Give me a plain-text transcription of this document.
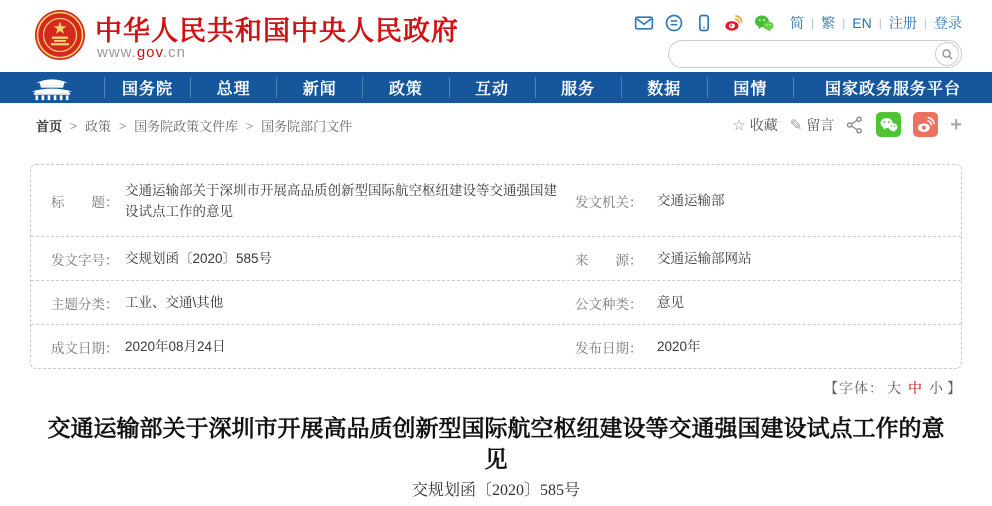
中华人民共和国中央人民政府
www.gov.cn
简 | 繁 | EN | 注册 | 登录
国务院	总理	新闻	政策	互动	服务	数据	国情	国家政务服务平台
首页 > 政策 > 国务院政策文件库 > 国务院部门文件	☆ 收藏 ✎ 留言	+
标　　题：
交通运输部关于深圳市开展高品质创新型国际航空枢纽建设等交通强国建设试点工作的意见
发文机关：	交通运输部
发文字号： 交规划函〔2020〕585号	来　　源：	交通运输部网站
主题分类： 工业、交通\其他	公文种类：	意见
成文日期： 2020年08月24日	发布日期：	2020年
【字体： 大 中 小 】
交通运输部关于深圳市开展高品质创新型国际航空枢纽建设等交通强国建设试点工作的意见
交规划函〔2020〕585号
